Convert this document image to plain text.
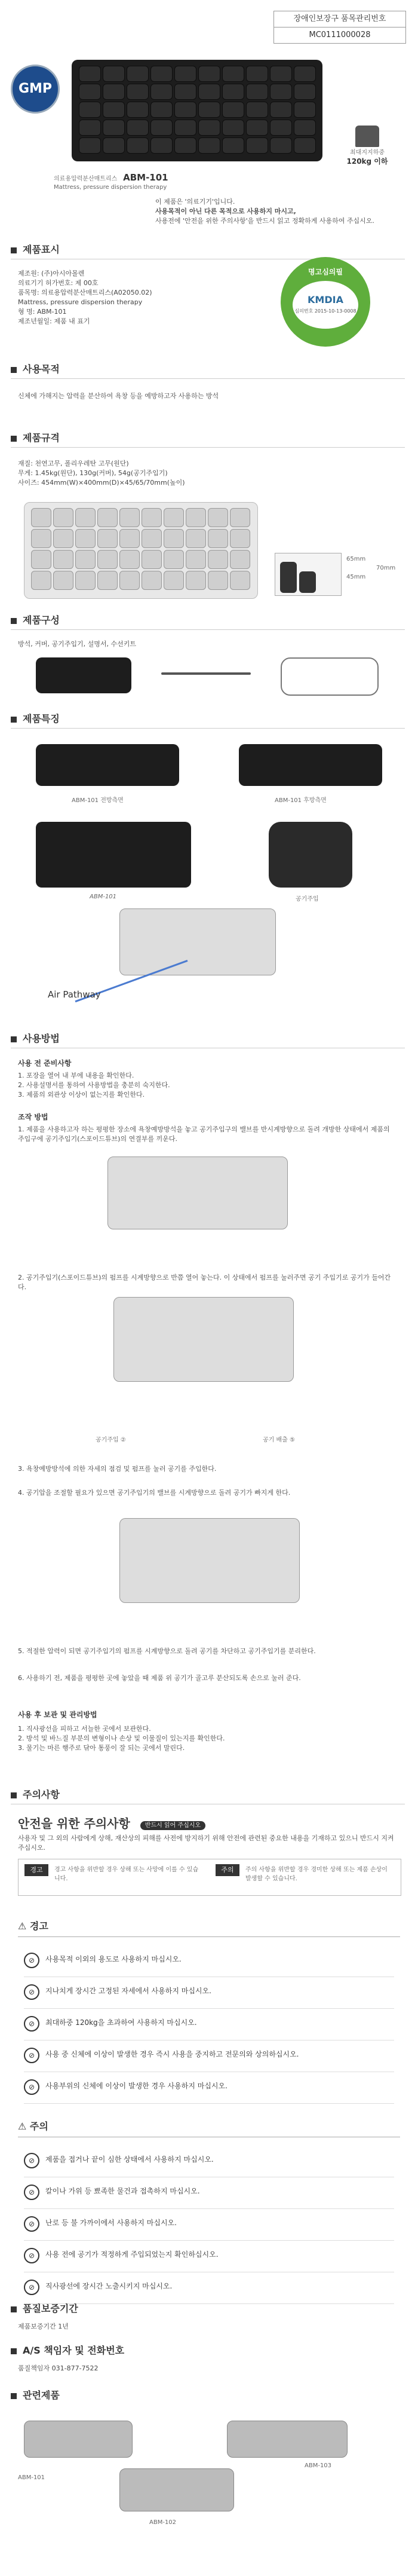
장애인보장구 품목관리번호
MC0111000028
GMP
의료용압력분산매트리스 ABM-101
Mattress, pressure dispersion therapy
최대지지하중
120kg 이하
이 제품은 '의료기기'입니다.
사용목적이 아닌 다른 목적으로 사용하지 마시고,
사용전에 '안전을 위한 주의사항'을 반드시 읽고 정확하게 사용하여 주십시오.
제품표시
제조원: (주)아시아몰렌
의료기기 허가번호: 제 00호
품목명: 의료용압력분산매트리스(A02050.02)
Mattress, pressure dispersion therapy
형 명: ABM-101
제조년월일: 제품 내 표기
명고심의필
KMDIA
심의번호 2015-10-13-0008
사용목적
신체에 가해지는 압력을 분산하여 욕창 등을 예방하고자 사용하는 방석
제품규격
재질: 천연고무, 폴리우레탄 고무(원단)
무게: 1.45kg(원단), 130g(커버), 54g(공기주입기)
사이즈: 454mm(W)×400mm(D)×45/65/70mm(높이)
65mm
45mm
70mm
제품구성
방석, 커버, 공기주입기, 설명서, 수선키트
제품특징
ABM-101 전방측면	ABM-101 후방측면
ABM-101	공기주입
Air Pathway
사용방법
사용 전 준비사항
1. 포장을 열어 내 부에 내용을 확인한다.
2. 사용설명서를 통하여 사용방법을 충분히 숙지한다.
3. 제품의 외관상 이상이 없는지를 확인한다.
조작 방법
1. 제품을 사용하고자 하는 평평한 장소에 욕창예방방석을 놓고 공기주입구의 밸브를 반시계방향으로 돌려 개방한 상태에서 제품의 주입구에 공기주입기(스포이드튜브)의 연결부를 끼운다.
2. 공기주입기(스포이드튜브)의 펌프를 시계방향으로 반쯤 열어 놓는다. 이 상태에서 펌프를 눌러주면 공기 주입기로 공기가 들어간다.
공기주입 ②	공기 배출 ⑤
3. 욕창예방방석에 의한 자세의 점검 및 펌프를 눌러 공기를 주입한다.
4. 공기압을 조절할 필요가 있으면 공기주입기의 밸브를 시계방향으로 돌려 공기가 빠지게 한다.
5. 적절한 압력이 되면 공기주입기의 펌프를 시계방향으로 돌려 공기를 차단하고 공기주입기를 분리한다.
6. 사용하기 전, 제품을 평평한 곳에 놓았을 때 제품 위 공기가 골고루 분산되도록 손으로 눌러 준다.
사용 후 보관 및 관리방법
1. 직사광선을 피하고 서늘한 곳에서 보관한다.
2. 방석 및 바느질 부분의 변형이나 손상 및 이물질이 있는지를 확인한다.
3. 물기는 마른 행주로 닦아 통풍이 잘 되는 곳에서 말린다.
주의사항
안전을 위한 주의사항 반드시 읽어 주십시오
사용자 및 그 외의 사람에게 상해, 재산상의 피해를 사전에 방지하기 위해 안전에 관련된 중요한 내용을 기재하고 있으니 반드시 지켜 주십시오.
경고	경고 사항을 위반할 경우 상해 또는 사망에 이를 수 있습니다.
주의	주의 사항을 위반할 경우 경미한 상해 또는 제품 손상이 발생할 수 있습니다.
⚠ 경고
⊘	사용목적 이외의 용도로 사용하지 마십시오.
⊘	지나치게 장시간 고정된 자세에서 사용하지 마십시오.
⊘	최대하중 120kg을 초과하여 사용하지 마십시오.
⊘	사용 중 신체에 이상이 발생한 경우 즉시 사용을 중지하고 전문의와 상의하십시오.
⊘	사용부위의 신체에 이상이 발생한 경우 사용하지 마십시오.
⚠ 주의
⊘	제품을 접거나 끝이 심한 상태에서 사용하지 마십시오.
⊘	칼이나 가위 등 뾰족한 물건과 접촉하지 마십시오.
⊘	난로 등 불 가까이에서 사용하지 마십시오.
⊘	사용 전에 공기가 적정하게 주입되었는지 확인하십시오.
⊘	직사광선에 장시간 노출시키지 마십시오.
품질보증기간
제품보증기간 1년
A/S 책임자 및 전화번호
품질책임자 031-877-7522
관련제품
ABM-101
ABM-102
ABM-103
